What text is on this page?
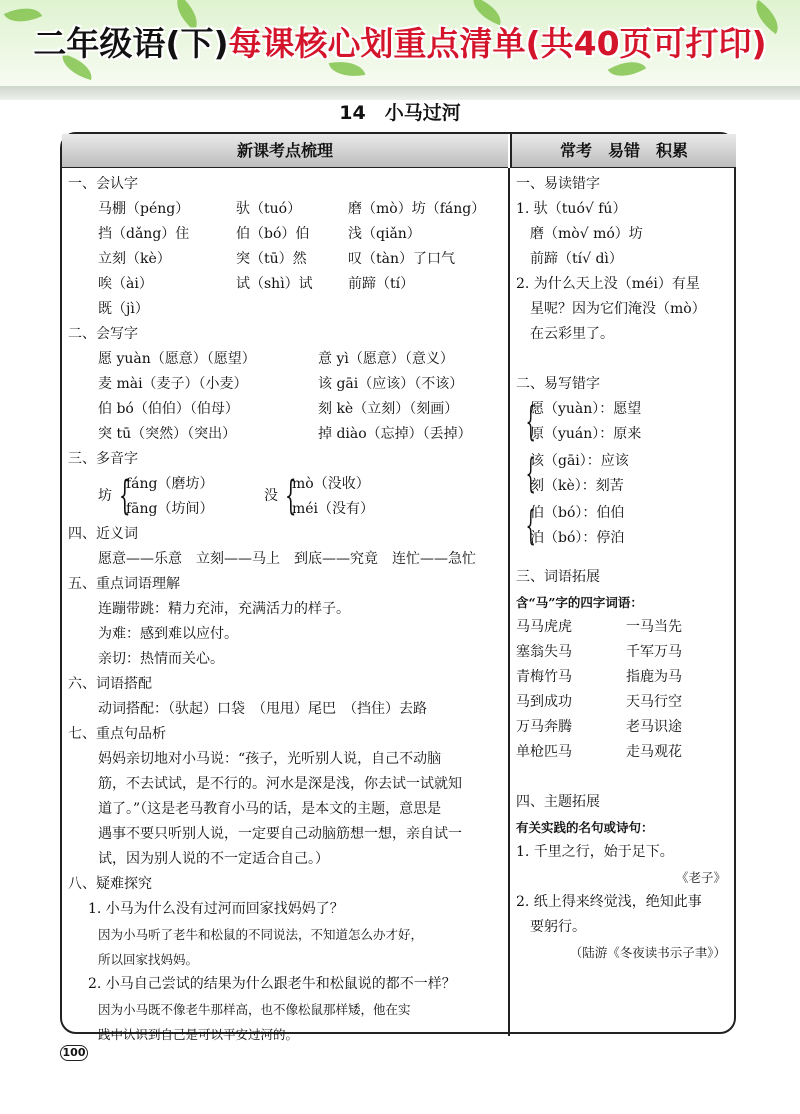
二年级语(下)每课核心划重点清单(共40页可打印)
14　小马过河
新课考点梳理	常考　易错　积累
一、会认字
马棚（péng）	驮（tuó）	磨（mò）坊（fáng）
挡（dǎng）住	伯（bó）伯	浅（qiǎn）
立刻（kè）	突（tū）然	叹（tàn）了口气
唉（ài）	试（shì）试	前蹄（tí）
既（jì）
二、会写字
愿 yuàn（愿意）（愿望）	意 yì（愿意）（意义）
麦 mài（麦子）（小麦）	该 gāi（应该）（不该）
伯 bó（伯伯）（伯母）	刻 kè（立刻）（刻画）
突 tū（突然）（突出）	掉 diào（忘掉）（丢掉）
三、多音字
坊 {
fáng（磨坊）
fāng（坊间）
没 {
mò（没收）
méi（没有）
四、近义词
愿意——乐意　立刻——马上　到底——究竟　连忙——急忙
五、重点词语理解
连蹦带跳：精力充沛，充满活力的样子。
为难：感到难以应付。
亲切：热情而关心。
六、词语搭配
动词搭配：（驮起）口袋　（甩甩）尾巴　（挡住）去路
七、重点句品析
妈妈亲切地对小马说：“孩子，光听别人说，自己不动脑
筋，不去试试，是不行的。河水是深是浅，你去试一试就知
道了。”（这是老马教育小马的话，是本文的主题，意思是
遇事不要只听别人说，一定要自己动脑筋想一想，亲自试一
试，因为别人说的不一定适合自己。）
八、疑难探究
1. 小马为什么没有过河而回家找妈妈了？
因为小马听了老牛和松鼠的不同说法，不知道怎么办才好，
所以回家找妈妈。
2. 小马自己尝试的结果为什么跟老牛和松鼠说的都不一样？
因为小马既不像老牛那样高，也不像松鼠那样矮，他在实
践中认识到自己是可以平安过河的。
一、易读错字
1. 驮（tuó√ fú）
磨（mò√ mó）坊
前蹄（tí√ dì）
2. 为什么天上没（méi）有星
星呢？因为它们淹没（mò）
在云彩里了。
二、易写错字
{
愿（yuàn）：愿望
原（yuán）：原来
{
该（gāi）：应该
刻（kè）：刻苦
{
伯（bó）：伯伯
泊（bó）：停泊
三、词语拓展
含“马”字的四字词语：
马马虎虎	一马当先
塞翁失马	千军万马
青梅竹马	指鹿为马
马到成功	天马行空
万马奔腾	老马识途
单枪匹马	走马观花
四、主题拓展
有关实践的名句或诗句：
1. 千里之行，始于足下。
《老子》
2. 纸上得来终觉浅，绝知此事
要躬行。
（陆游《冬夜读书示子聿》）
100
